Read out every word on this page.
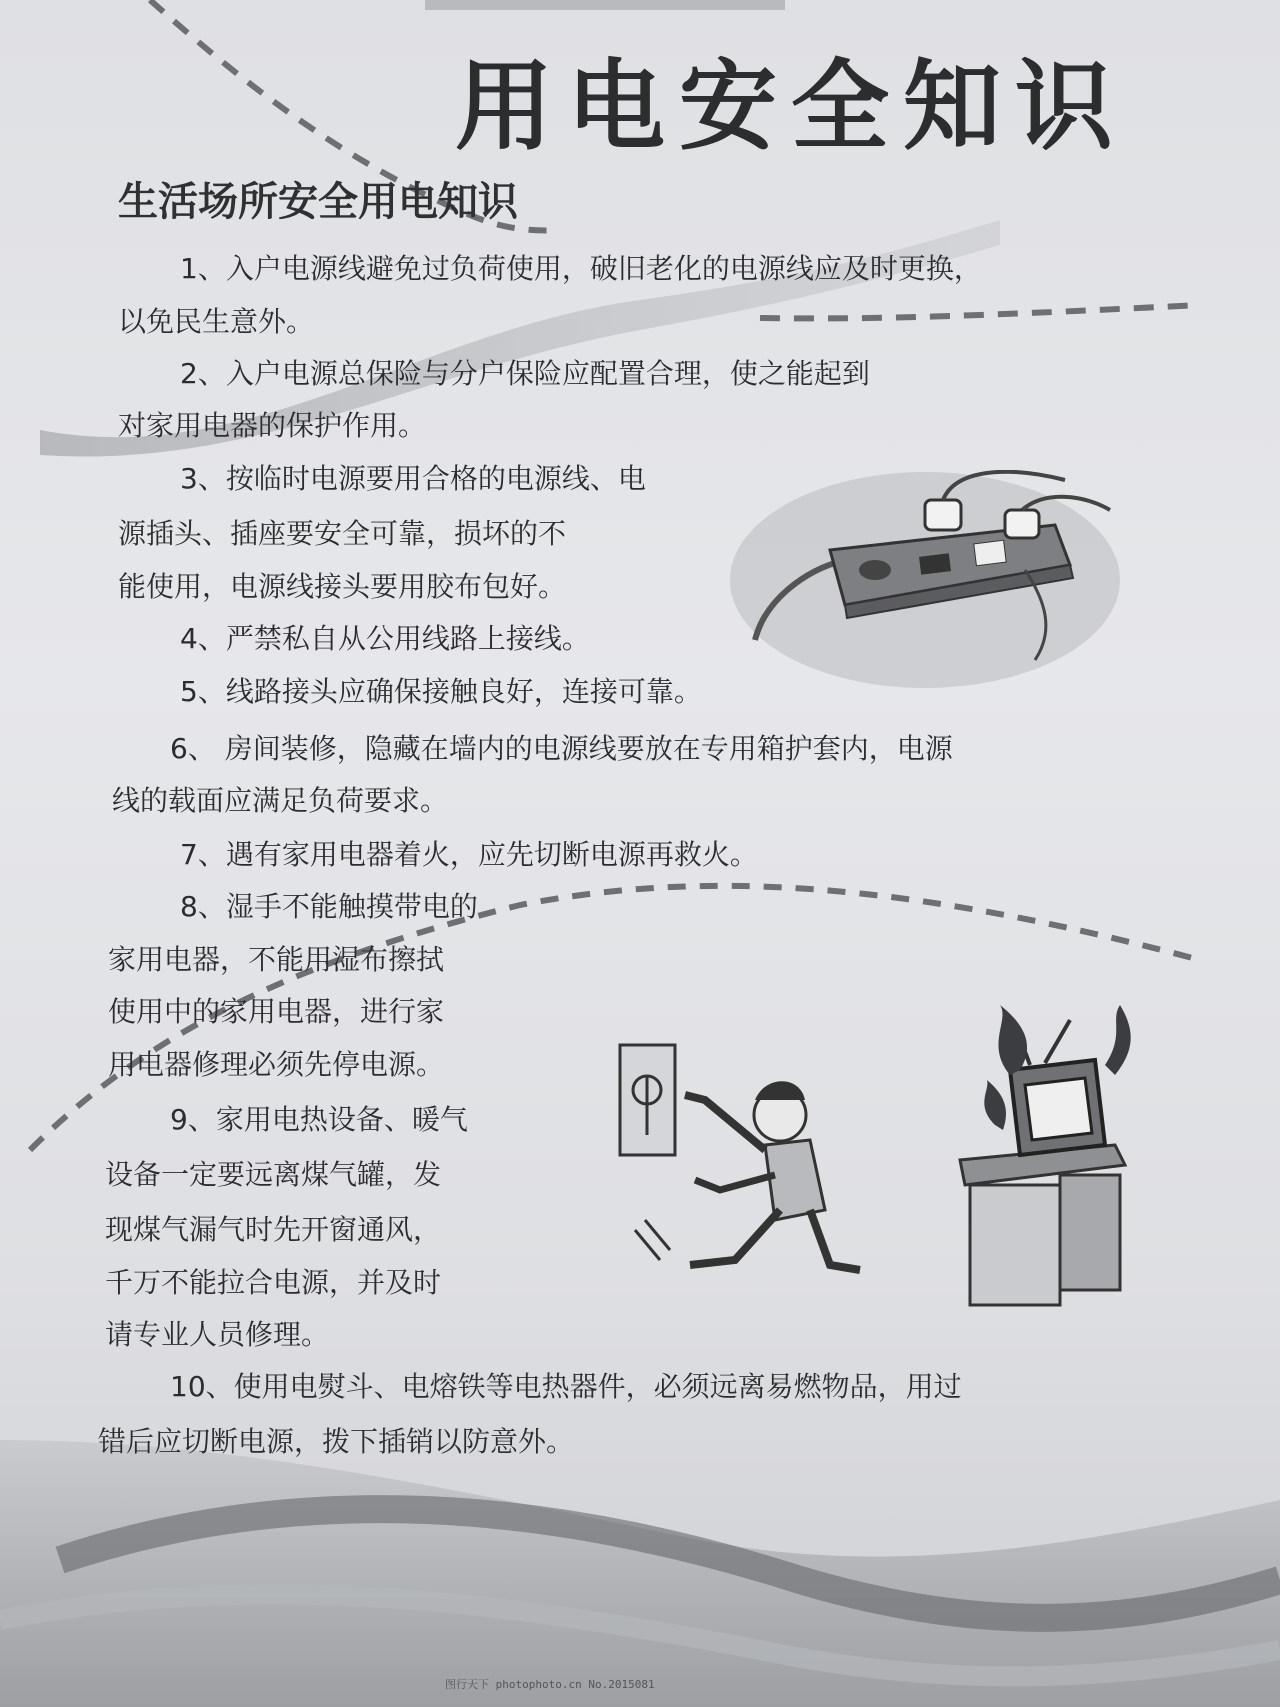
用电安全知识
生活场所安全用电知识
1、入户电源线避免过负荷使用，破旧老化的电源线应及时更换，
以免民生意外。
2、入户电源总保险与分户保险应配置合理，使之能起到
对家用电器的保护作用。
3、按临时电源要用合格的电源线、电
源插头、插座要安全可靠，损坏的不
能使用，电源线接头要用胶布包好。
4、严禁私自从公用线路上接线。
5、线路接头应确保接触良好，连接可靠。
6、 房间装修，隐藏在墙内的电源线要放在专用箱护套内，电源
线的载面应满足负荷要求。
7、遇有家用电器着火，应先切断电源再救火。
8、湿手不能触摸带电的
家用电器，不能用湿布擦拭
使用中的家用电器，进行家
用电器修理必须先停电源。
9、家用电热设备、暖气
设备一定要远离煤气罐，发
现煤气漏气时先开窗通风，
千万不能拉合电源，并及时
请专业人员修理。
10、使用电熨斗、电熔铁等电热器件，必须远离易燃物品，用过
错后应切断电源，拨下插销以防意外。
图行天下 photophoto.cn No.2015081
